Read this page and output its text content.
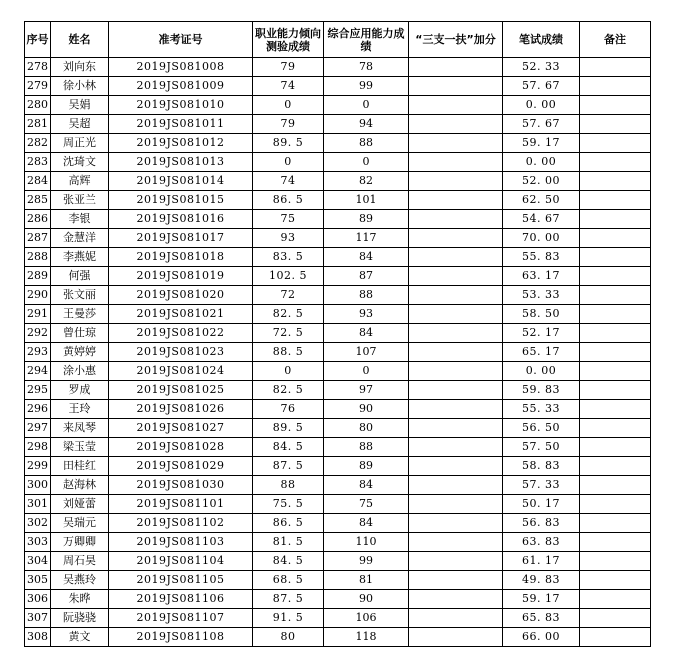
序号	姓名	准考证号	职业能力倾向测验成绩	综合应用能力成绩	“三支一扶”加分	笔试成绩	备注
278	刘向东	2019JS081008	79	78		52. 33	
279	徐小林	2019JS081009	74	99		57. 67	
280	吴娟	2019JS081010	0	0		0. 00	
281	吴超	2019JS081011	79	94		57. 67	
282	周正光	2019JS081012	89. 5	88		59. 17	
283	沈琦文	2019JS081013	0	0		0. 00	
284	高辉	2019JS081014	74	82		52. 00	
285	张亚兰	2019JS081015	86. 5	101		62. 50	
286	李银	2019JS081016	75	89		54. 67	
287	金慧洋	2019JS081017	93	117		70. 00	
288	李燕妮	2019JS081018	83. 5	84		55. 83	
289	何强	2019JS081019	102. 5	87		63. 17	
290	张文丽	2019JS081020	72	88		53. 33	
291	王曼莎	2019JS081021	82. 5	93		58. 50	
292	曾仕琼	2019JS081022	72. 5	84		52. 17	
293	黄婷婷	2019JS081023	88. 5	107		65. 17	
294	涂小惠	2019JS081024	0	0		0. 00	
295	罗成	2019JS081025	82. 5	97		59. 83	
296	王玲	2019JS081026	76	90		55. 33	
297	来凤琴	2019JS081027	89. 5	80		56. 50	
298	梁玉莹	2019JS081028	84. 5	88		57. 50	
299	田桂红	2019JS081029	87. 5	89		58. 83	
300	赵海林	2019JS081030	88	84		57. 33	
301	刘娅蕾	2019JS081101	75. 5	75		50. 17	
302	吴瑞元	2019JS081102	86. 5	84		56. 83	
303	万卿卿	2019JS081103	81. 5	110		63. 83	
304	周石昊	2019JS081104	84. 5	99		61. 17	
305	吴燕玲	2019JS081105	68. 5	81		49. 83	
306	朱晔	2019JS081106	87. 5	90		59. 17	
307	阮骁骁	2019JS081107	91. 5	106		65. 83	
308	黄文	2019JS081108	80	118		66. 00	
